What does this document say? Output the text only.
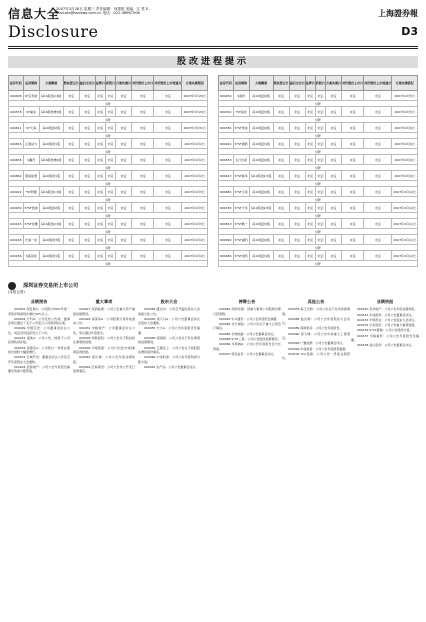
信息大全
2007年3月28日 星期三 责任编辑：何建锐 美编：江 哲 E-mail:xtx@ssnews.com.cn 电话：021-38967506
Disclosure
上海證券報
D3
股改进程提示
证券代码	证券简称	方案概要	股权登记日	最后交易日	复牌日	获股日	方案实施日	对价股份上市日	对价股份上市流通日	方案实施情况
000008	ST宝利来	每10股送2.6股	未定	未定	未定	未定	未定	未定	未定	2007年3月29日
停牌										
000578	ST重实	每10股转增3股	未定	未定	未定	未定	未定	未定	未定	2007年3月29日
停牌										
000611	ST天润	每10股送2股	未定	未定	未定	未定	未定	未定	未定	2007年3月31日
停牌										
000816	江淮动力	每10股送1股	未定	未定	未定	未定	未定	未定	未定	2007年4月2日
停牌										
000836	S鑫茂	每10股转增4股	未定	未定	未定	未定	未定	未定	未定	2007年4月2日
停牌										
000862	银星能源	每10股送1股	未定	未定	未定	未定	未定	未定	未定	2007年4月2日
停牌										
000922	*ST阿继	每10股送1.5股	未定	未定	未定	未定	未定	未定	未定	2007年4月3日
停牌										
000939	S*ST凯迪	每10股送2股	未定	未定	未定	未定	未定	未定	未定	2007年4月3日
停牌										
600145	S*ST四维	每10股送2.5股	未定	未定	未定	未定	未定	未定	未定	2007年4月3日
停牌										
600148	长春一东	每10股送3股	未定	未定	未定	未定	未定	未定	未定	2007年4月4日
停牌										
600186	S莲花味	每10股送1股	未定	未定	未定	未定	未定	未定	未定	2007年4月4日
停牌										
证券代码	证券简称	方案概要	股权登记日	最后交易日	复牌日	获股日	方案实施日	对价股份上市日	对价股份上市流通日	方案实施情况
600250	S南纺	每10股送2股	未定	未定	未定	未定	未定	未定	未定	2007年4月5日
停牌										
600301	*ST南化	每10股送3股	未定	未定	未定	未定	未定	未定	未定	2007年4月5日
停牌										
600381	S*ST贤成	每10股送2股	未定	未定	未定	未定	未定	未定	未定	2007年4月6日
停牌										
600421	S*ST国药	每10股送1股	未定	未定	未定	未定	未定	未定	未定	2007年4月6日
停牌										
600553	太行水泥	每10股送2股	未定	未定	未定	未定	未定	未定	未定	2007年4月9日
停牌										
600617	S*ST联华	每10股送1.5股	未定	未定	未定	未定	未定	未定	未定	2007年4月9日
停牌										
600681	S*ST万鸿	每10股送2股	未定	未定	未定	未定	未定	未定	未定	2007年4月10日
停牌										
600745	S*ST天华	每10股送2.5股	未定	未定	未定	未定	未定	未定	未定	2007年4月10日
停牌										
600813	S*ST鞍一	每10股送3股	未定	未定	未定	未定	未定	未定	未定	2007年4月11日
停牌										
600892	S*ST湖科	每10股送2股	未定	未定	未定	未定	未定	未定	未定	2007年4月11日
停牌										
600984	S*ST建机	每10股送1股	未定	未定	未定	未定	未定	未定	未定	2007年4月12日
停牌										
深圳证券交易所上市公司
(本报记者)
业绩预告

000001 深发展A：公司预计2007年第一季度净利润同比增长50%以上。

000002 万科A：公司发布公告称，董事会审议通过了关于公司发行公司债券的议案。

000009 中国宝安：公司董事会决议公告，同意对外投资设立子公司。

000012 南玻A：公司公告，控股子公司获得政府补贴。

000016 深康佳A：公司预计一季度业绩将出现较大幅度增长。

000021 长城开发：董事会决议公告及召开年度股东大会通知。

000024 招商地产：公司公告年度报告摘要及利润分配预案。

重大事项

000027 深圳能源：公司公告重大资产重组进展情况。

000029 深深房A：公司股票交易异常波动公告。

000031 中粮地产：公司董事会决议公告，审议通过年度报告。

000036 华联控股：公司公告关于股权转让事项的进展。

000039 中集集团：公司公告发行H股事项获得批准。

000042 深长城：公司公告年度业绩快报。

000046 泛海建设：公司公告非公开发行股票事宜。

股东大会

000048 康达尔：公司召开临时股东大会的提示性公告。

000050 深天马A：公司公告董事会决议及股东大会通知。

000055 方大A：公司公告年度报告及摘要。

000056 深国商：公司公告关于诉讼事项的进展情况。

000059 辽通化工：公司公告关于控股股东增持股份事宜。

000060 中金岭南：公司公告年度利润分配方案。

000061 农产品：公司公告董事会决议。

停牌公告

000062 深圳华强：因重大事项公司股票自即日起停牌。

000063 中兴通讯：公司公告年度报告摘要。

000065 北方国际：公司公告关于重大合同签订事宜。

000066 长城电脑：公司公告董事会决议。

000068 S*ST三星：公司公告股改进展情况。

000069 华侨城A：公司公告年度报告及分红预案。

000070 特发信息：公司公告董事会决议。

其他公告

000078 海王生物：公司公告关于对外担保事项。

000088 盐田港：公司公告年度股东大会决议。

000089 深圳机场：公司公告年度报告。

000090 深天健：公司公告中标重大工程项目。

000096 广聚能源：公司公告董事会决议。

000099 中信海直：公司公告年度经营数据。

000100 TCL集团：公司公告一季度业绩预告。

业绩快报

000150 宜华地产：公司公告年度业绩快报。

000151 中成股份：公司公告董事会决议。

000153 丰原药业：公司公告股东大会决议。

000155 川化股份：公司公告重大事项进展。

000156 S*ST嘉瑞：公司公告股改方案。

000157 中联重科：公司公告年度报告及摘要。

000158 常山股份：公司公告董事会决议。
